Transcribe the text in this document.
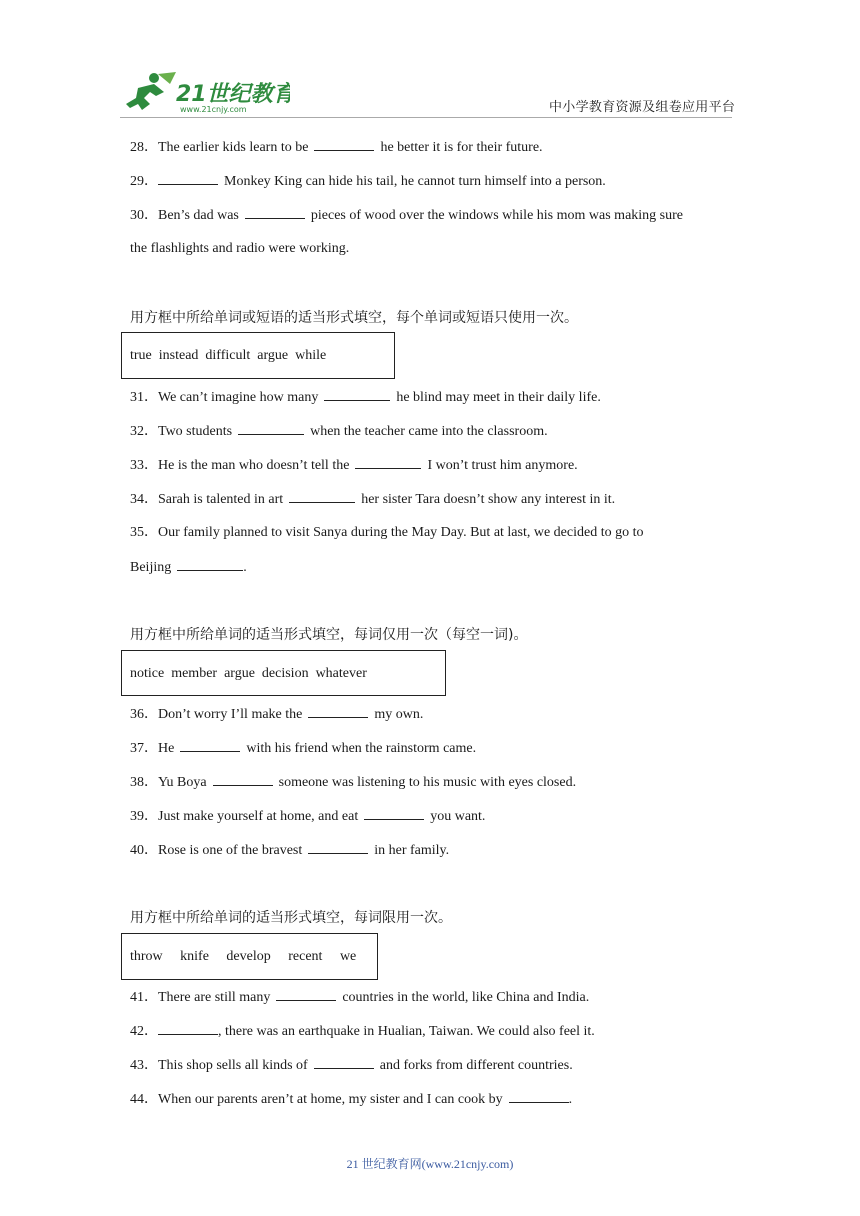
21世纪教育
www.21cnjy.com	中小学教育资源及组卷应用平台
28．The earlier kids learn to be	he better it is for their future.
29．	Monkey King can hide his tail, he cannot turn himself into a person.
30．Ben’s dad was	pieces of wood over the windows while his mom was making sure
the flashlights and radio were working.
用方框中所给单词或短语的适当形式填空，每个单词或短语只使用一次。
true  instead  difficult  argue  while
31．We can’t imagine how many	he blind may meet in their daily life.
32．Two students	when the teacher came into the classroom.
33．He is the man who doesn’t tell the	I won’t trust him anymore.
34．Sarah is talented in art	her sister Tara doesn’t show any interest in it.
35．Our family planned to visit Sanya during the May Day. But at last, we decided to go to
Beijing	.
用方框中所给单词的适当形式填空，每词仅用一次（每空一词)。
notice  member  argue  decision  whatever
36．Don’t worry I’ll make the	my own.
37．He	with his friend when the rainstorm came.
38．Yu Boya	someone was listening to his music with eyes closed.
39．Just make yourself at home, and eat	you want.
40．Rose is one of the bravest	in her family.
用方框中所给单词的适当形式填空，每词限用一次。
throw     knife     develop     recent     we
41．There are still many	countries in the world, like China and India.
42．	, there was an earthquake in Hualian, Taiwan. We could also feel it.
43．This shop sells all kinds of	and forks from different countries.
44．When our parents aren’t at home, my sister and I can cook by	.
21 世纪教育网(www.21cnjy.com)
